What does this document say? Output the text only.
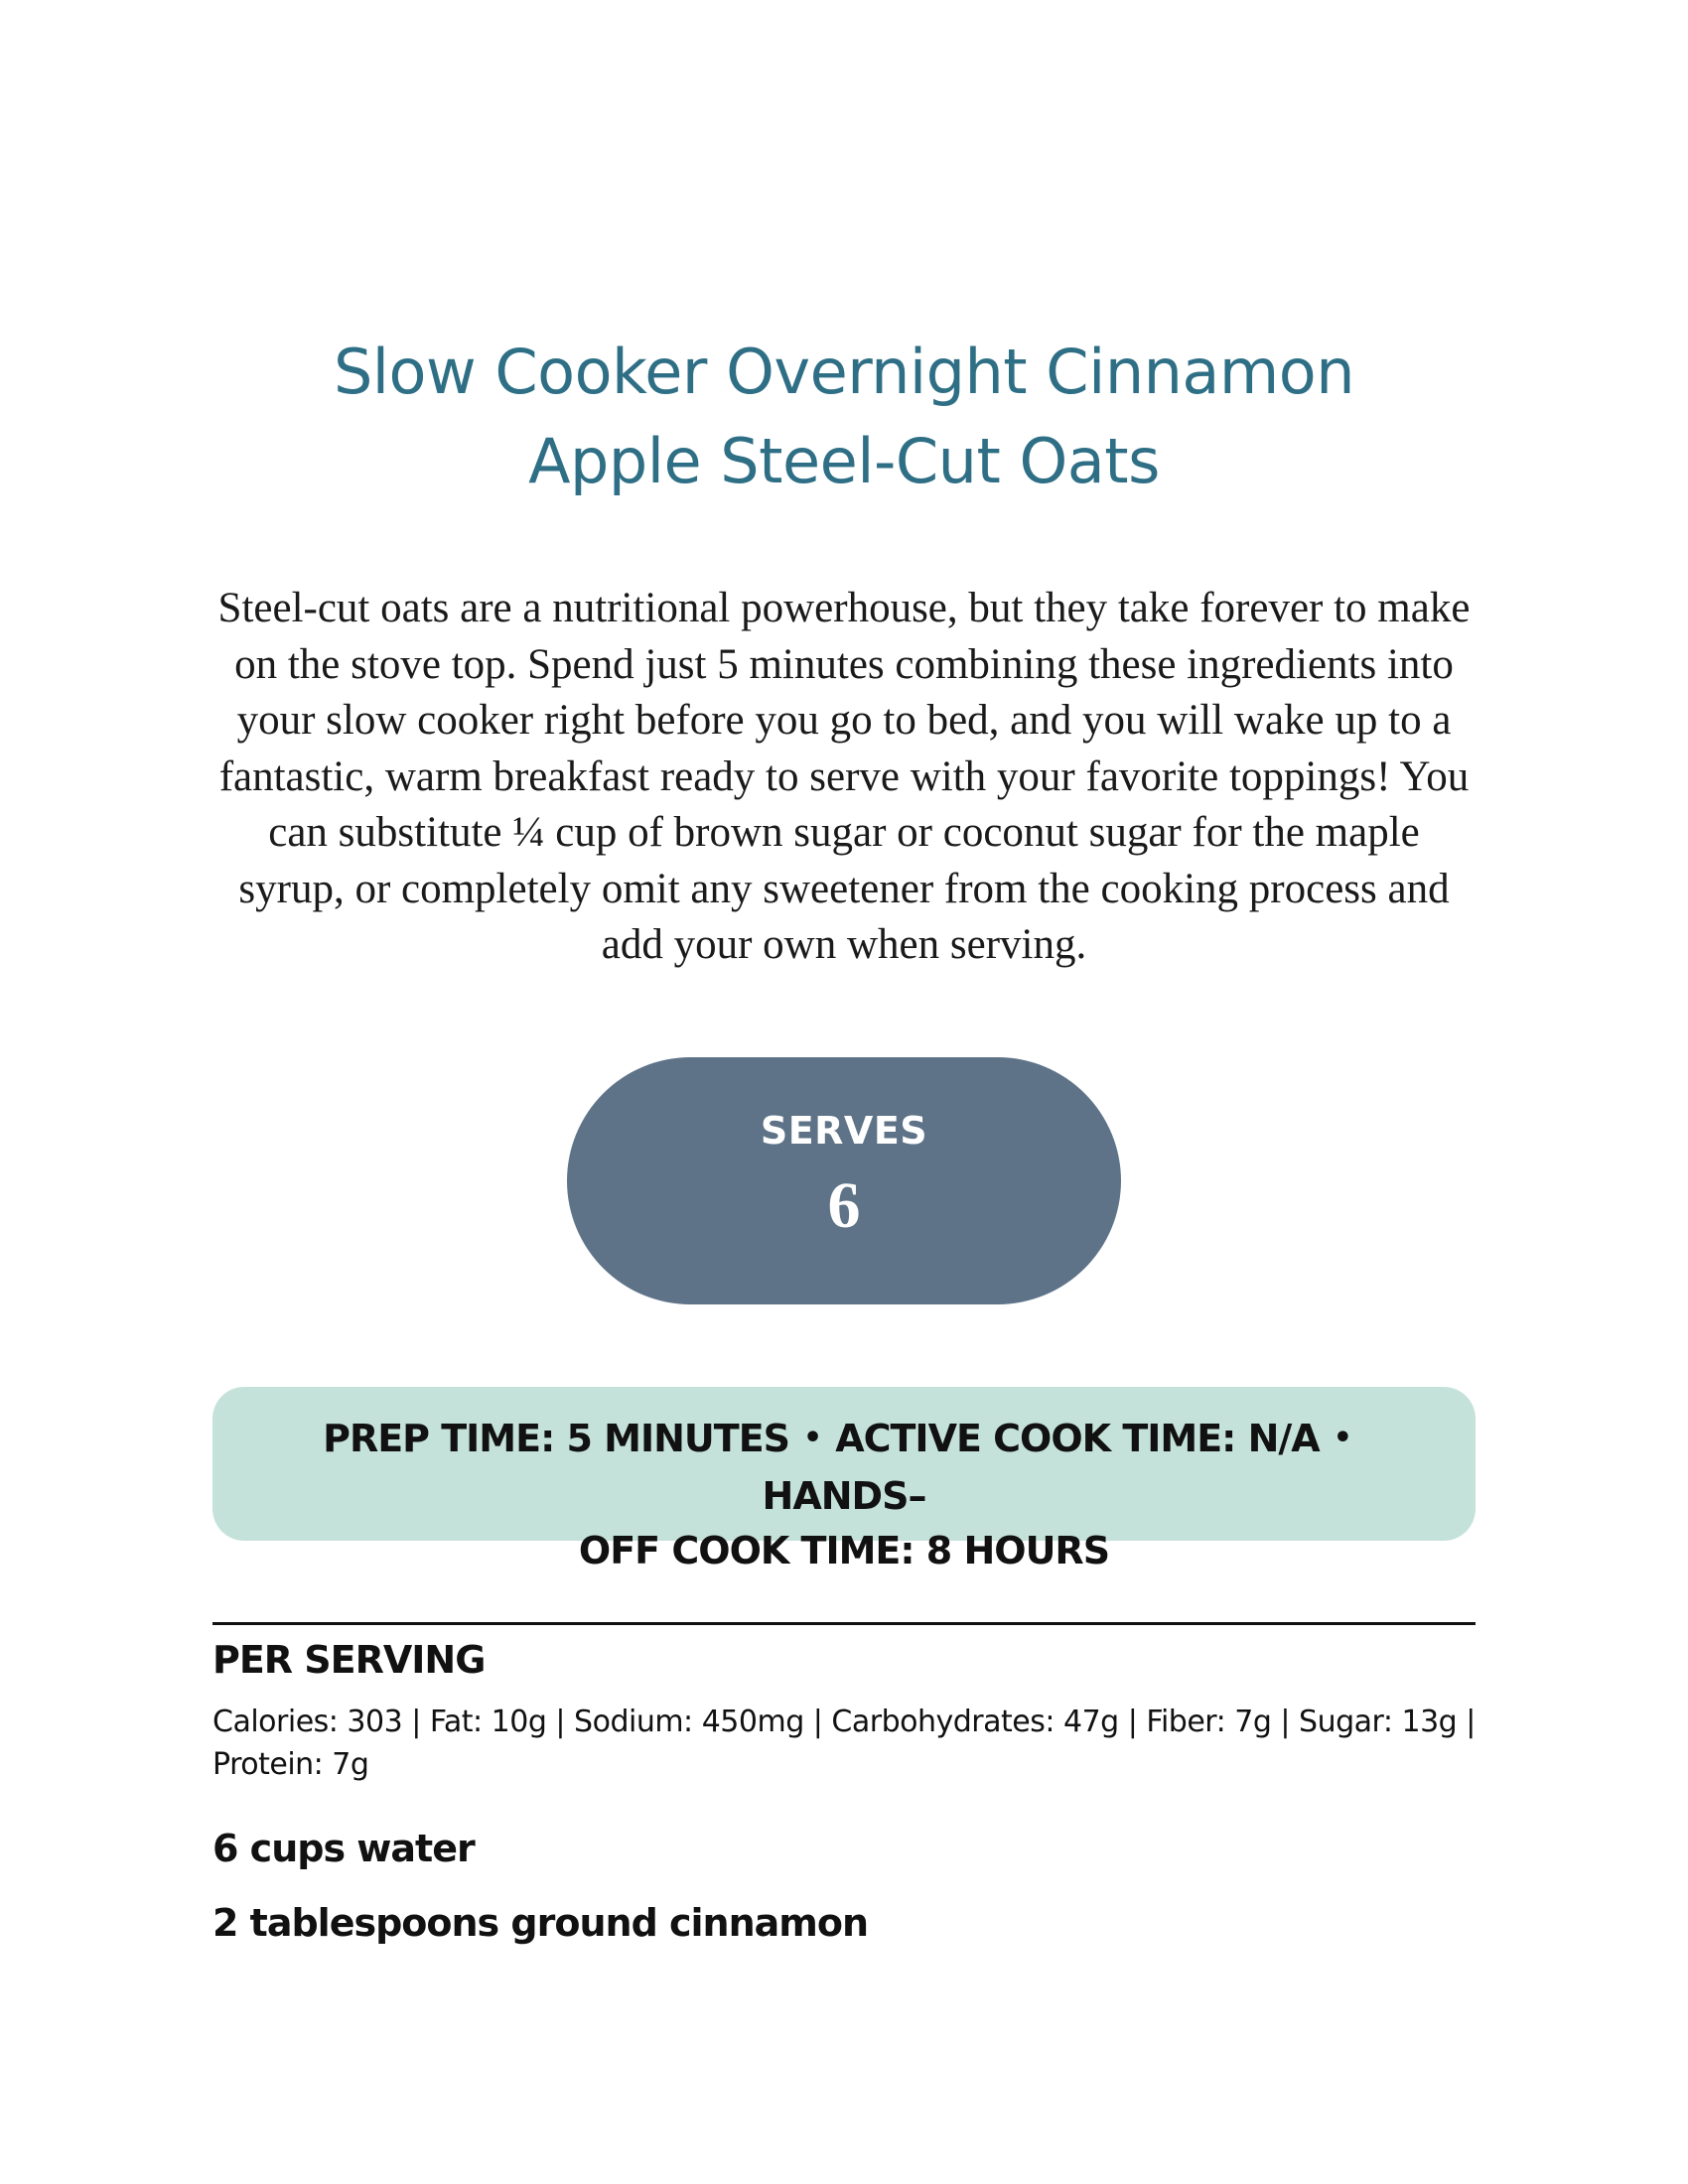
Slow Cooker Overnight Cinnamon
Apple Steel-Cut Oats

Steel-cut oats are a nutritional powerhouse, but they take forever to make on the stove top. Spend just 5 minutes combining these ingredients into your slow cooker right before you go to bed, and you will wake up to a fantastic, warm breakfast ready to serve with your favorite toppings! You can substitute ¼ cup of brown sugar or coconut sugar for the maple syrup, or completely omit any sweetener from the cooking process and add your own when serving.

SERVES
6
PREP TIME: 5 MINUTES • ACTIVE COOK TIME: N/A •HANDS–
OFF COOK TIME: 8 HOURS
PER SERVING
Calories: 303 | Fat: 10g | Sodium: 450mg | Carbohydrates: 47g | Fiber: 7g | Sugar: 13g | Protein: 7g
6 cups water
2 tablespoons ground cinnamon
